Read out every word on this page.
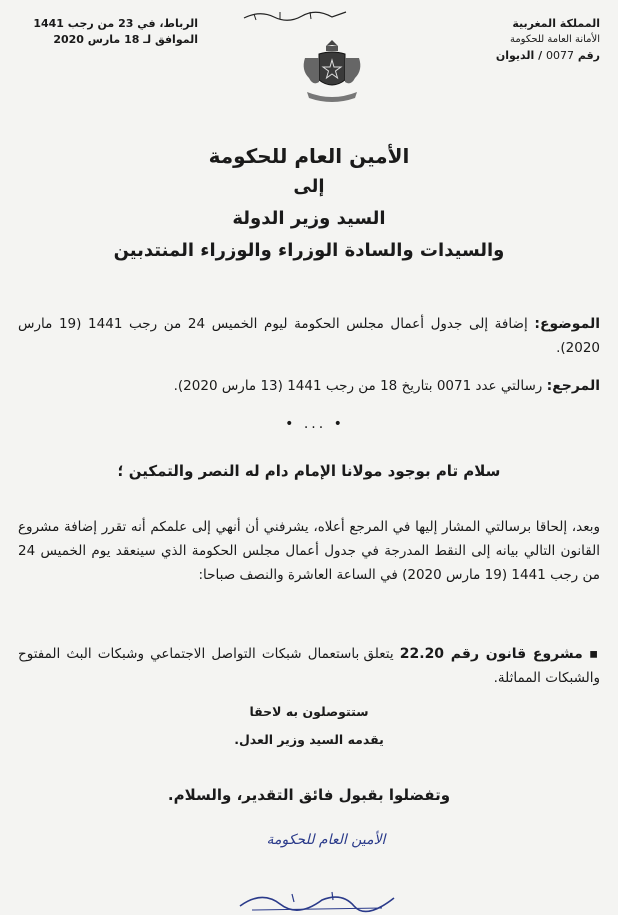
المملكة المغربية
الأمانة العامة للحكومة
رقم 0077 / الديوان
الرباط، في 23 من رجب 1441
الموافق لـ 18 مارس 2020
الأمين العام للحكومة
إلى
السيد وزير الدولة
والسيدات والسادة الوزراء والوزراء المنتدبين

الموضوع: إضافة إلى جدول أعمال مجلس الحكومة ليوم الخميس 24 من رجب 1441 (19 مارس 2020).

المرجع: رسالتي عدد 0071 بتاريخ 18 من رجب 1441 (13 مارس 2020).

• ... •
سلام تام بوجود مولانا الإمام دام له النصر والتمكين ؛

وبعد، إلحاقا برسالتي المشار إليها في المرجع أعلاه، يشرفني أن أنهي إلى علمكم أنه تقرر إضافة مشروع القانون التالي بيانه إلى النقط المدرجة في جدول أعمال مجلس الحكومة الذي سينعقد يوم الخميس 24 من رجب 1441 (19 مارس 2020) في الساعة العاشرة والنصف صباحا:

▪ مشروع قانون رقم 22.20 يتعلق باستعمال شبكات التواصل الاجتماعي وشبكات البث المفتوح والشبكات المماثلة.

ستتوصلون به لاحقا
يقدمه السيد وزير العدل.
وتفضلوا بقبول فائق التقدير، والسلام.
الأمين العام للحكومة
